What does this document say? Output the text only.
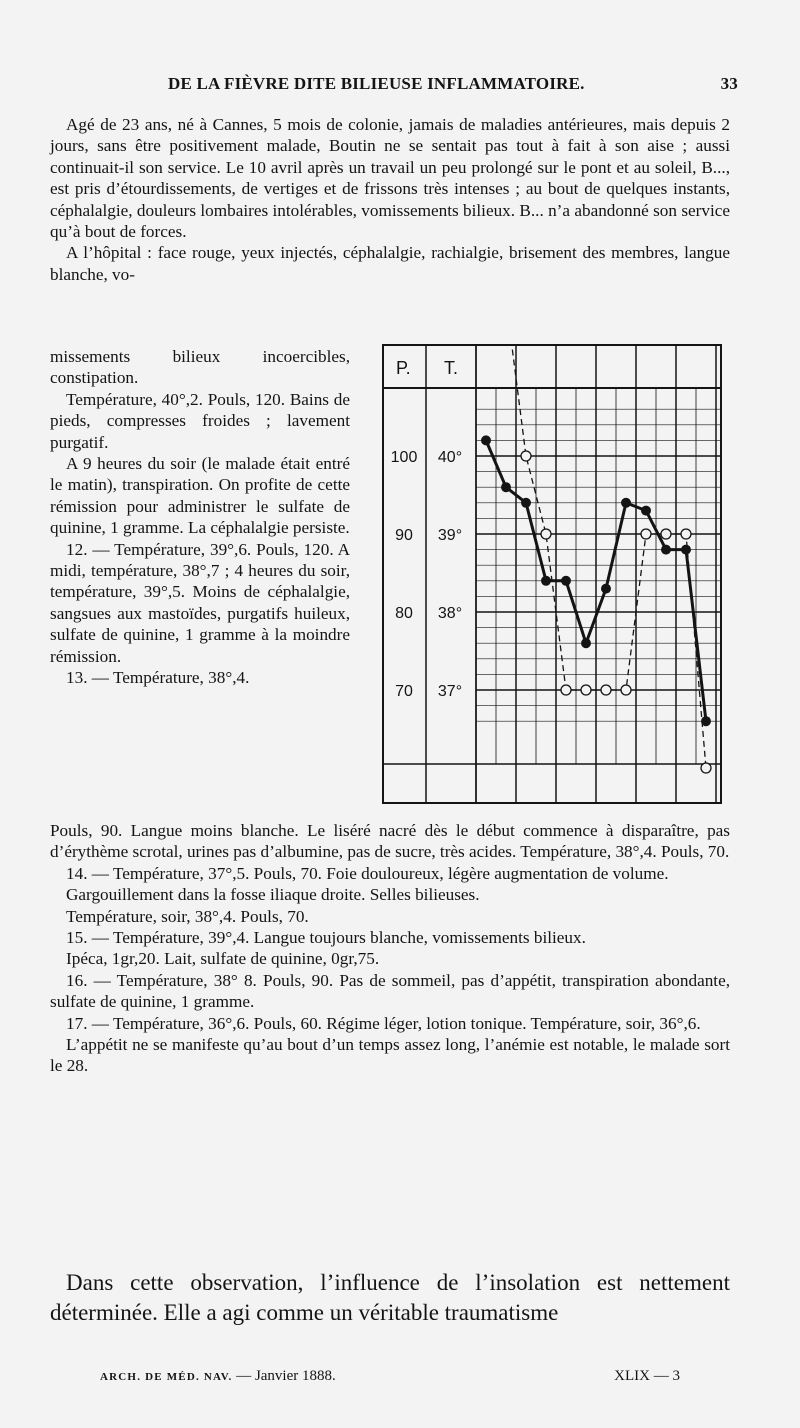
DE LA FIÈVRE DITE BILIEUSE INFLAMMATOIRE.	33

Agé de 23 ans, né à Cannes, 5 mois de colonie, jamais de maladies antérieures, mais depuis 2 jours, sans être positivement malade, Boutin ne se sentait pas tout à fait à son aise ; aussi continuait-il son service. Le 10 avril après un travail un peu prolongé sur le pont et au soleil, B..., est pris d’étourdissements, de vertiges et de frissons très intenses ; au bout de quelques instants, céphalalgie, douleurs lombaires intolérables, vomissements bilieux. B... n’a abandonné son service qu’à bout de forces.

A l’hôpital : face rouge, yeux injectés, céphalalgie, rachialgie, brisement des membres, langue blanche, vo-

missements bilieux incoercibles, constipation.

Température, 40°,2. Pouls, 120. Bains de pieds, compresses froides ; lavement purgatif.

A 9 heures du soir (le malade était entré le matin), transpiration. On profite de cette rémission pour administrer le sulfate de quinine, 1 gramme. La céphalalgie persiste.

12. — Température, 39°,6. Pouls, 120. A midi, température, 38°,7 ; 4 heures du soir, température, 39°,5. Moins de céphalalgie, sangsues aux mastoïdes, purgatifs huileux, sulfate de quinine, 1 gramme à la moindre rémission.

13. — Température, 38°,4.

P. T.
100
90
80
70
40°
39°
38°
37°

Pouls, 90. Langue moins blanche. Le liséré nacré dès le début commence à disparaître, pas d’érythème scrotal, urines pas d’albumine, pas de sucre, très acides. Température, 38°,4. Pouls, 70.

14. — Température, 37°,5. Pouls, 70. Foie douloureux, légère augmentation de volume.

Gargouillement dans la fosse iliaque droite. Selles bilieuses.

Température, soir, 38°,4. Pouls, 70.

15. — Température, 39°,4. Langue toujours blanche, vomissements bilieux.

Ipéca, 1gr,20. Lait, sulfate de quinine, 0gr,75.

16. — Température, 38° 8. Pouls, 90. Pas de sommeil, pas d’appétit, transpiration abondante, sulfate de quinine, 1 gramme.

17. — Température, 36°,6. Pouls, 60. Régime léger, lotion tonique. Température, soir, 36°,6.

L’appétit ne se manifeste qu’au bout d’un temps assez long, l’anémie est notable, le malade sort le 28.

Dans cette observation, l’influence de l’insolation est nettement déterminée. Elle a agi comme un véritable traumatisme

ARCH. DE MÉD. NAV. — Janvier 1888.	XLIX — 3
